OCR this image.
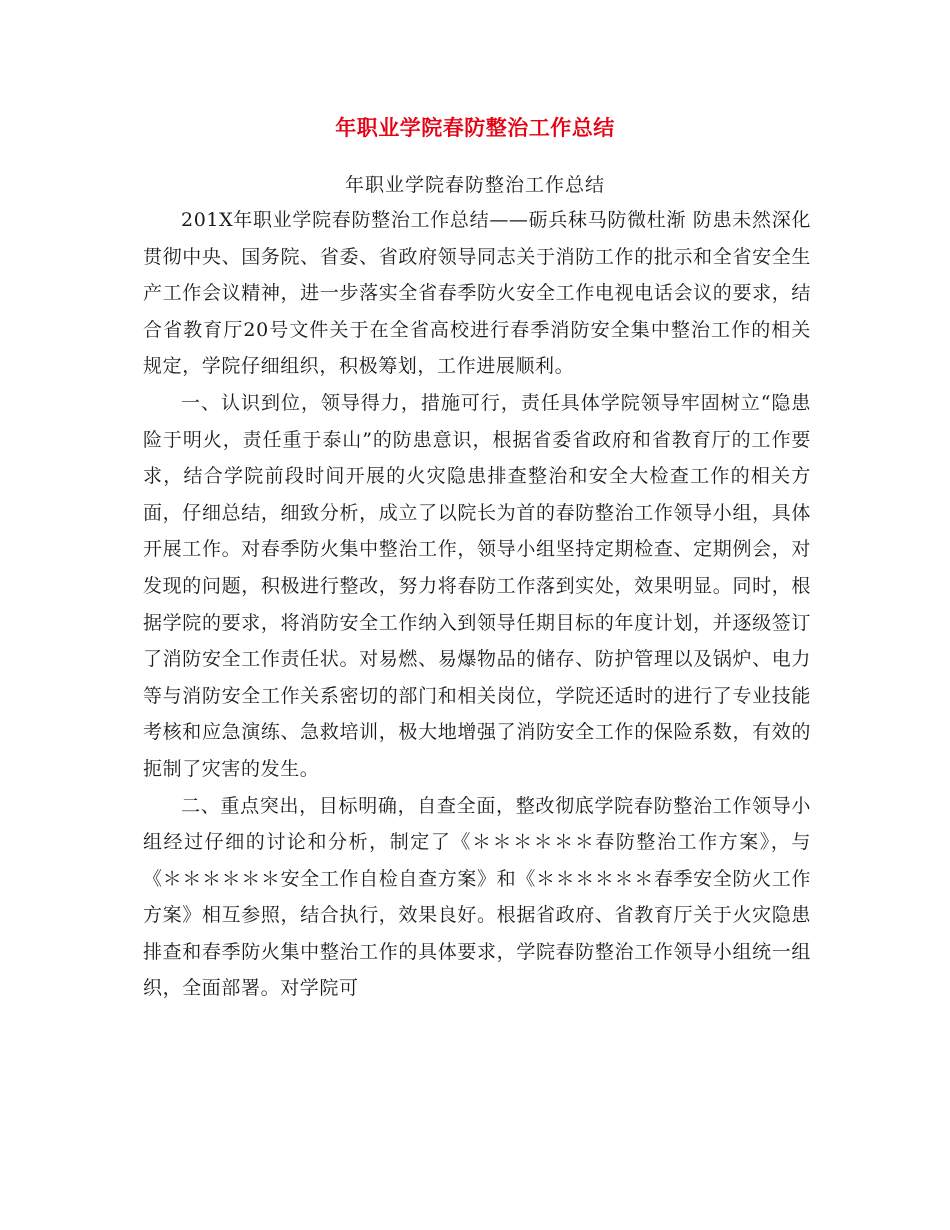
年职业学院春防整治工作总结
年职业学院春防整治工作总结

201X年职业学院春防整治工作总结——砺兵秣马防微杜渐 防患未然深化贯彻中央、国务院、省委、省政府领导同志关于消防工作的批示和全省安全生产工作会议精神，进一步落实全省春季防火安全工作电视电话会议的要求，结合省教育厅20号文件关于在全省高校进行春季消防安全集中整治工作的相关规定，学院仔细组织，积极筹划，工作进展顺利。

一、认识到位，领导得力，措施可行，责任具体学院领导牢固树立“隐患险于明火，责任重于泰山”的防患意识，根据省委省政府和省教育厅的工作要求，结合学院前段时间开展的火灾隐患排查整治和安全大检查工作的相关方面，仔细总结，细致分析，成立了以院长为首的春防整治工作领导小组，具体开展工作。对春季防火集中整治工作，领导小组坚持定期检查、定期例会，对发现的问题，积极进行整改，努力将春防工作落到实处，效果明显。同时，根据学院的要求，将消防安全工作纳入到领导任期目标的年度计划，并逐级签订了消防安全工作责任状。对易燃、易爆物品的储存、防护管理以及锅炉、电力等与消防安全工作关系密切的部门和相关岗位，学院还适时的进行了专业技能考核和应急演练、急救培训，极大地增强了消防安全工作的保险系数，有效的扼制了灾害的发生。

二、重点突出，目标明确，自查全面，整改彻底学院春防整治工作领导小组经过仔细的讨论和分析，制定了《＊＊＊＊＊＊春防整治工作方案》，与《＊＊＊＊＊＊安全工作自检自查方案》和《＊＊＊＊＊＊春季安全防火工作方案》相互参照，结合执行，效果良好。根据省政府、省教育厅关于火灾隐患排查和春季防火集中整治工作的具体要求，学院春防整治工作领导小组统一组织，全面部署。对学院可
